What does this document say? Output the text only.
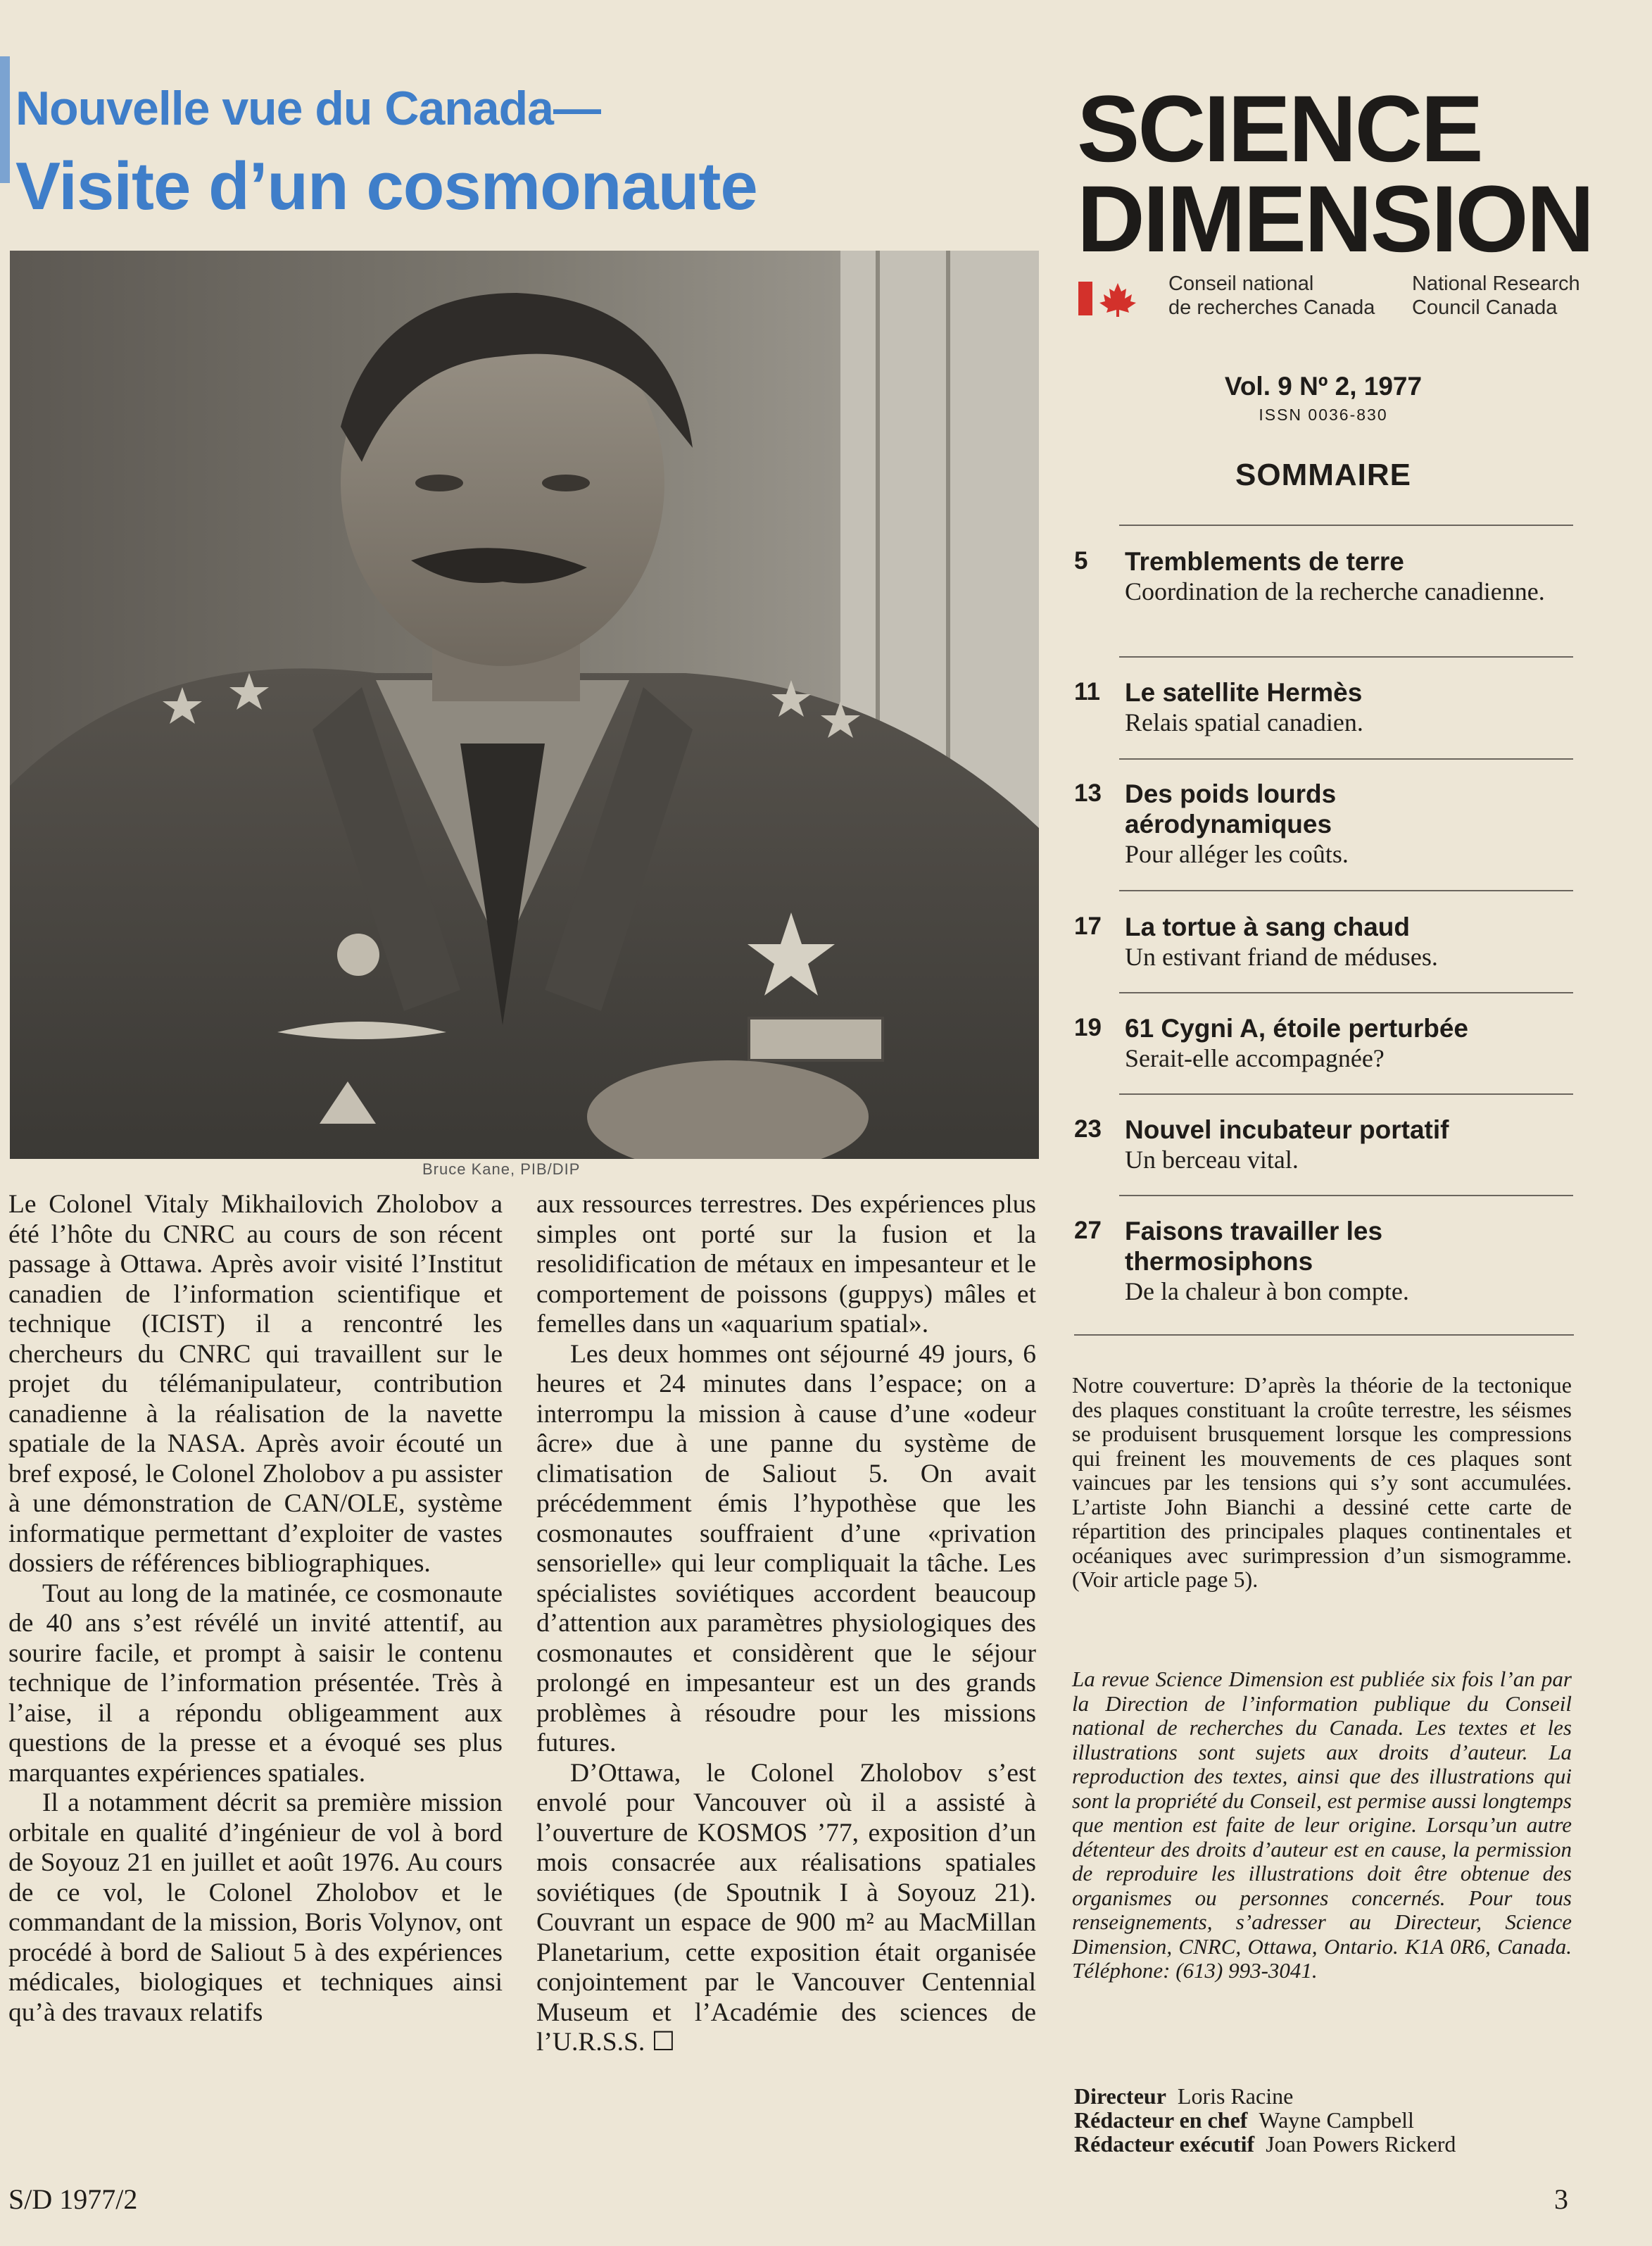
Nouvelle vue du Canada—
Visite d’un cosmonaute
Bruce Kane, PIB/DIP

Le Colonel Vitaly Mikhailovich Zholobov a été l’hôte du CNRC au cours de son récent passage à Ottawa. Après avoir visité l’Institut canadien de l’information scientifique et technique (ICIST) il a rencontré les chercheurs du CNRC qui travaillent sur le projet du télémanipulateur, contribution canadienne à la réalisation de la navette spatiale de la NASA. Après avoir écouté un bref exposé, le Colonel Zholobov a pu assister à une démonstration de CAN/OLE, système informatique permettant d’exploiter de vastes dossiers de références bibliographiques.

Tout au long de la matinée, ce cosmonaute de 40 ans s’est révélé un invité attentif, au sourire facile, et prompt à saisir le contenu technique de l’information présentée. Très à l’aise, il a répondu obligeamment aux questions de la presse et a évoqué ses plus marquantes expériences spatiales.

Il a notamment décrit sa première mission orbitale en qualité d’ingénieur de vol à bord de Soyouz 21 en juillet et août 1976. Au cours de ce vol, le Colonel Zholobov et le commandant de la mission, Boris Volynov, ont procédé à bord de Saliout 5 à des expériences médicales, biologiques et techniques ainsi qu’à des travaux relatifs

aux ressources terrestres. Des expériences plus simples ont porté sur la fusion et la resolidification de métaux en impesanteur et le comportement de poissons (guppys) mâles et femelles dans un «aquarium spatial».

Les deux hommes ont séjourné 49 jours, 6 heures et 24 minutes dans l’espace; on a interrompu la mission à cause d’une «odeur âcre» due à une panne du système de climatisation de Saliout 5. On avait précédemment émis l’hypothèse que les cosmonautes souffraient d’une «privation sensorielle» qui leur compliquait la tâche. Les spécialistes soviétiques accordent beaucoup d’attention aux paramètres physiologiques des cosmonautes et considèrent que le séjour prolongé en impesanteur est un des grands problèmes à résoudre pour les missions futures.

D’Ottawa, le Colonel Zholobov s’est envolé pour Vancouver où il a assisté à l’ouverture de KOSMOS ’77, exposition d’un mois consacrée aux réalisations spatiales soviétiques (de Spoutnik I à Soyouz 21). Couvrant un espace de 900 m² au MacMillan Planetarium, cette exposition était organisée conjointement par le Vancouver Centennial Museum et l’Académie des sciences de l’U.R.S.S. ☐

SCIENCE
DIMENSION
Conseil national
de recherches Canada
National Research
Council Canada
Vol. 9 Nº 2, 1977
ISSN 0036-830
SOMMAIRE
5 Tremblements de terre
Coordination de la recherche canadienne.
11 Le satellite Hermès
Relais spatial canadien.
13 Des poids lourds aérodynamiques
Pour alléger les coûts.
17 La tortue à sang chaud
Un estivant friand de méduses.
19 61 Cygni A, étoile perturbée
Serait-elle accompagnée?
23 Nouvel incubateur portatif
Un berceau vital.
27 Faisons travailler les thermosiphons
De la chaleur à bon compte.
Notre couverture: D’après la théorie de la tectonique des plaques constituant la croûte terrestre, les séismes se produisent brusquement lorsque les compressions qui freinent les mouvements de ces plaques sont vaincues par les tensions qui s’y sont accumulées. L’artiste John Bianchi a dessiné cette carte de répartition des principales plaques continentales et océaniques avec surimpression d’un sismogramme. (Voir article page 5).
La revue Science Dimension est publiée six fois l’an par la Direction de l’information publique du Conseil national de recherches du Canada. Les textes et les illustrations sont sujets aux droits d’auteur. La reproduction des textes, ainsi que des illustrations qui sont la propriété du Conseil, est permise aussi longtemps que mention est faite de leur origine. Lorsqu’un autre détenteur des droits d’auteur est en cause, la permission de reproduire les illustrations doit être obtenue des organismes ou personnes concernés. Pour tous renseignements, s’adresser au Directeur, Science Dimension, CNRC, Ottawa, Ontario. K1A 0R6, Canada. Téléphone: (613) 993-3041.
Directeur Loris Racine
Rédacteur en chef Wayne Campbell
Rédacteur exécutif Joan Powers Rickerd
S/D 1977/2	3
